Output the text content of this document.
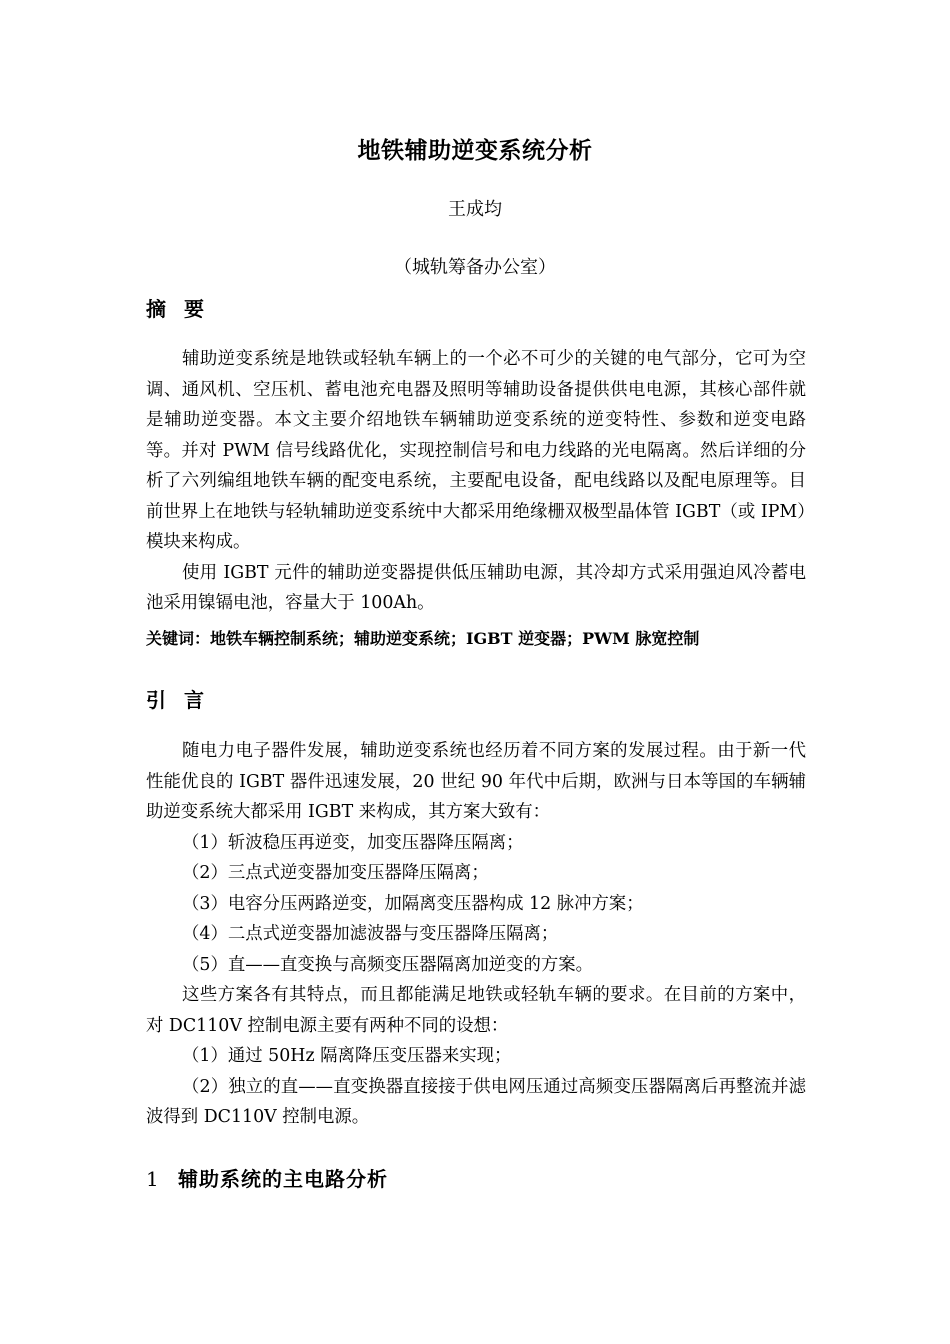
地铁辅助逆变系统分析
王成均
（城轨筹备办公室）
摘要

辅助逆变系统是地铁或轻轨车辆上的一个必不可少的关键的电气部分，它可为空调、通风机、空压机、蓄电池充电器及照明等辅助设备提供供电电源，其核心部件就是辅助逆变器。本文主要介绍地铁车辆辅助逆变系统的逆变特性、参数和逆变电路等。并对 PWM 信号线路优化，实现控制信号和电力线路的光电隔离。然后详细的分析了六列编组地铁车辆的配变电系统，主要配电设备，配电线路以及配电原理等。目前世界上在地铁与轻轨辅助逆变系统中大都采用绝缘栅双极型晶体管 IGBT（或 IPM）模块来构成。

使用 IGBT 元件的辅助逆变器提供低压辅助电源，其冷却方式采用强迫风冷蓄电池采用镍镉电池，容量大于 100Ah。

关键词：地铁车辆控制系统；辅助逆变系统；IGBT 逆变器；PWM 脉宽控制
引言

随电力电子器件发展，辅助逆变系统也经历着不同方案的发展过程。由于新一代性能优良的 IGBT 器件迅速发展，20 世纪 90 年代中后期，欧洲与日本等国的车辆辅助逆变系统大都采用 IGBT 来构成，其方案大致有：

（1）斩波稳压再逆变，加变压器降压隔离；

（2）三点式逆变器加变压器降压隔离；

（3）电容分压两路逆变，加隔离变压器构成 12 脉冲方案；

（4）二点式逆变器加滤波器与变压器降压隔离；

（5）直——直变换与高频变压器隔离加逆变的方案。

这些方案各有其特点，而且都能满足地铁或轻轨车辆的要求。在目前的方案中，对 DC110V 控制电源主要有两种不同的设想：

（1）通过 50Hz 隔离降压变压器来实现；

（2）独立的直——直变换器直接接于供电网压通过高频变压器隔离后再整流并滤波得到 DC110V 控制电源。

1 辅助系统的主电路分析
